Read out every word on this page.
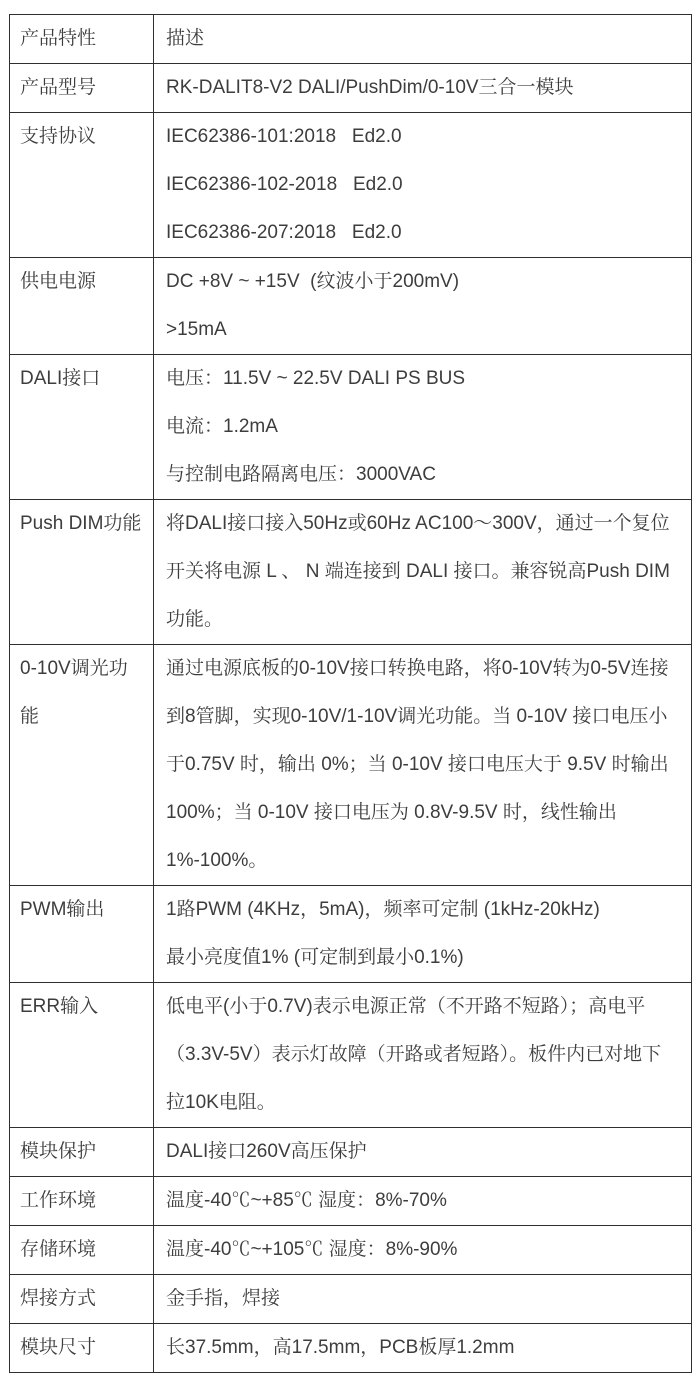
产品特性	描述

产品型号	RK-DALIT8-V2 DALI/PushDim/0-10V三合一模块

支持协议	IEC62386-101:2018   Ed2.0
IEC62386-102-2018   Ed2.0
IEC62386-207:2018   Ed2.0

供电电源	DC +8V ~ +15V  (纹波小于200mV)
>15mA

DALI接口	电压：11.5V ~ 22.5V DALI PS BUS
电流：1.2mA
与控制电路隔离电压：3000VAC

Push DIM功能	将DALI接口接入50Hz或60Hz AC100～300V，通过一个复位开关将电源 L 、 N 端连接到 DALI 接口。兼容锐高Push DIM 功能。

0-10V调光功能	通过电源底板的0-10V接口转换电路，将0-10V转为0-5V连接到8管脚，实现0-10V/1-10V调光功能。当 0-10V 接口电压小于0.75V 时，输出 0%；当 0-10V 接口电压大于 9.5V 时输出 100%；当 0-10V 接口电压为 0.8V-9.5V 时，线性输出 1%-100%。

PWM输出	1路PWM (4KHz，5mA)，频率可定制 (1kHz-20kHz)
最小亮度值1% (可定制到最小0.1%)

ERR输入	低电平(小于0.7V)表示电源正常（不开路不短路）；高电平（3.3V-5V）表示灯故障（开路或者短路）。板件内已对地下拉10K电阻。

模块保护	DALI接口260V高压保护

工作环境	温度-40℃~+85℃ 湿度：8%-70%

存储环境	温度-40℃~+105℃ 湿度：8%-90%

焊接方式	金手指，焊接

模块尺寸	长37.5mm，高17.5mm，PCB板厚1.2mm
